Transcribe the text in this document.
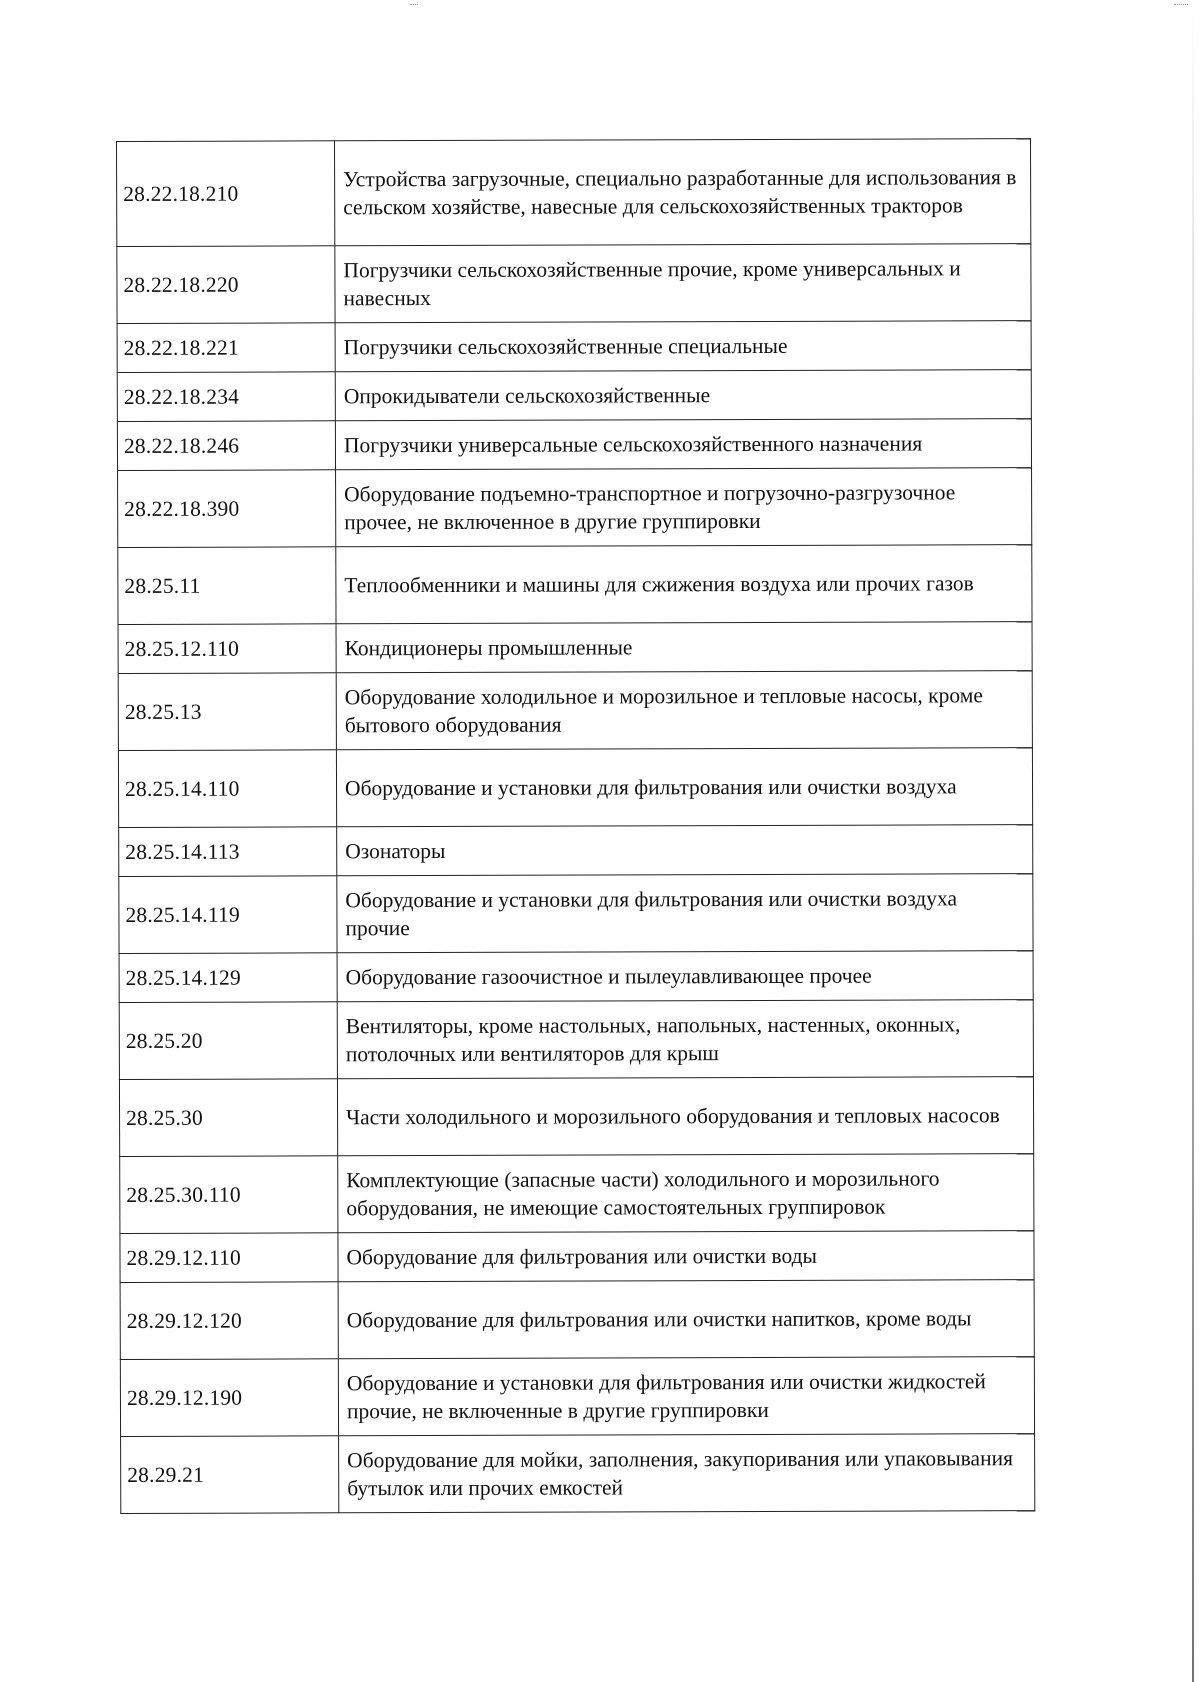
28.22.18.210	Устройства загрузочные, специально разработанные для использования в сельском хозяйстве, навесные для сельскохозяйственных тракторов
28.22.18.220	Погрузчики сельскохозяйственные прочие, кроме универсальных и навесных
28.22.18.221	Погрузчики сельскохозяйственные специальные
28.22.18.234	Опрокидыватели сельскохозяйственные
28.22.18.246	Погрузчики универсальные сельскохозяйственного назначения
28.22.18.390	Оборудование подъемно-транспортное и погрузочно-разгрузочное прочее, не включенное в другие группировки
28.25.11	Теплообменники и машины для сжижения воздуха или прочих газов
28.25.12.110	Кондиционеры промышленные
28.25.13	Оборудование холодильное и морозильное и тепловые насосы, кроме бытового оборудования
28.25.14.110	Оборудование и установки для фильтрования или очистки воздуха
28.25.14.113	Озонаторы
28.25.14.119	Оборудование и установки для фильтрования или очистки воздуха прочие
28.25.14.129	Оборудование газоочистное и пылеулавливающее прочее
28.25.20	Вентиляторы, кроме настольных, напольных, настенных, оконных, потолочных или вентиляторов для крыш
28.25.30	Части холодильного и морозильного оборудования и тепловых насосов
28.25.30.110	Комплектующие (запасные части) холодильного и морозильного оборудования, не имеющие самостоятельных группировок
28.29.12.110	Оборудование для фильтрования или очистки воды
28.29.12.120	Оборудование для фильтрования или очистки напитков, кроме воды
28.29.12.190	Оборудование и установки для фильтрования или очистки жидкостей прочие, не включенные в другие группировки
28.29.21	Оборудование для мойки, заполнения, закупоривания или упаковывания бутылок или прочих емкостей
